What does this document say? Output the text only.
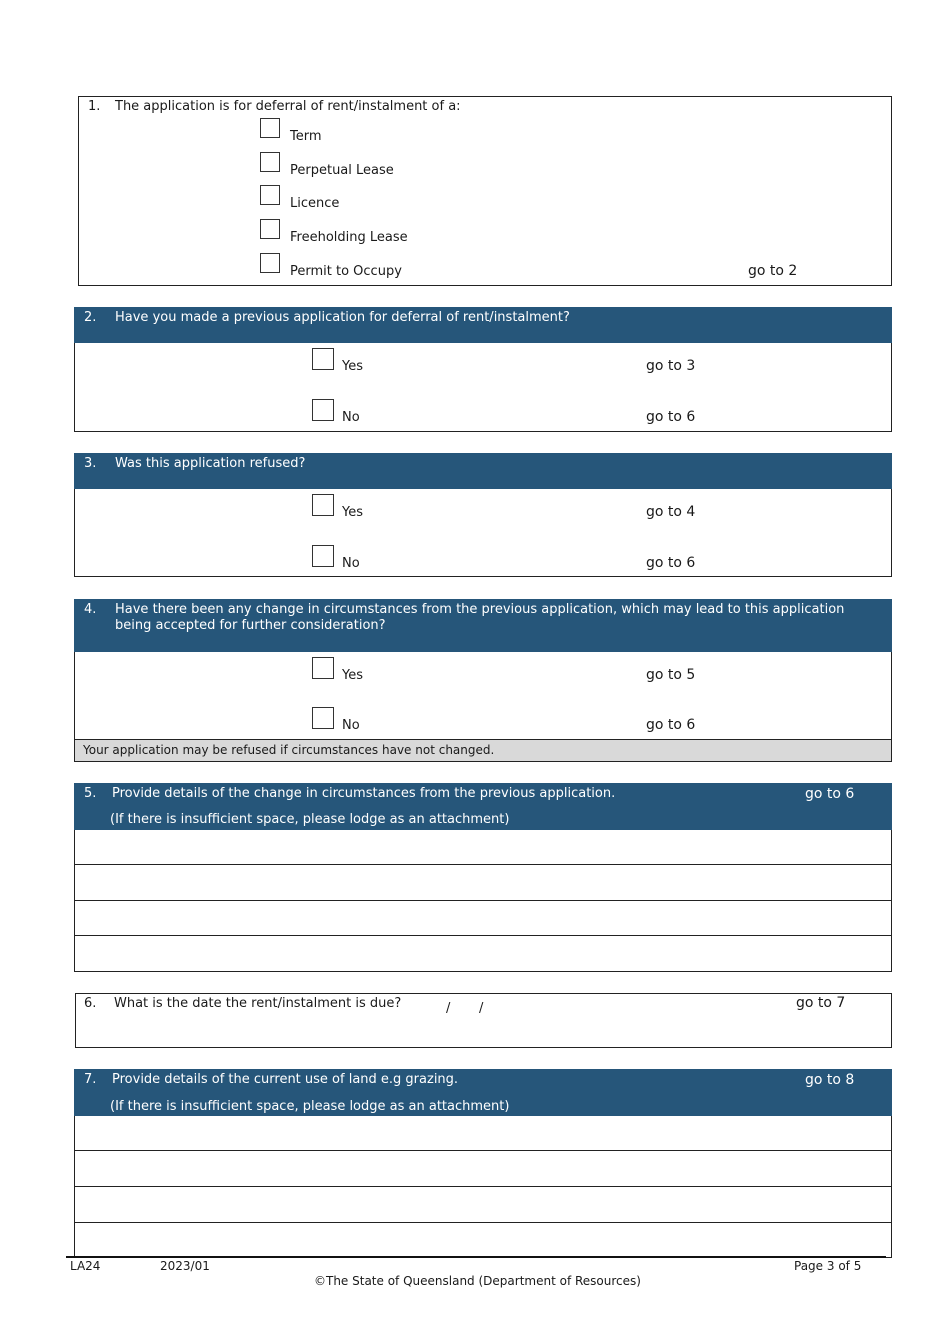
1. The application is for deferral of rent/instalment of a:
Term
Perpetual Lease
Licence
Freeholding Lease
Permit to Occupy	go to 2
2. Have you made a previous application for deferral of rent/instalment?
Yes	go to 3
No	go to 6
3. Was this application refused?
Yes	go to 4
No	go to 6
4. Have there been any change in circumstances from the previous application, which may lead to this application being accepted for further consideration?
Yes	go to 5
No	go to 6
Your application may be refused if circumstances have not changed.
5. Provide details of the change in circumstances from the previous application.	go to 6
(If there is insufficient space, please lodge as an attachment)
6. What is the date the rent/instalment is due?	/ /	go to 7
7. Provide details of the current use of land e.g grazing.	go to 8
(If there is insufficient space, please lodge as an attachment)
LA24	2023/01	Page 3 of 5
©The State of Queensland (Department of Resources)
